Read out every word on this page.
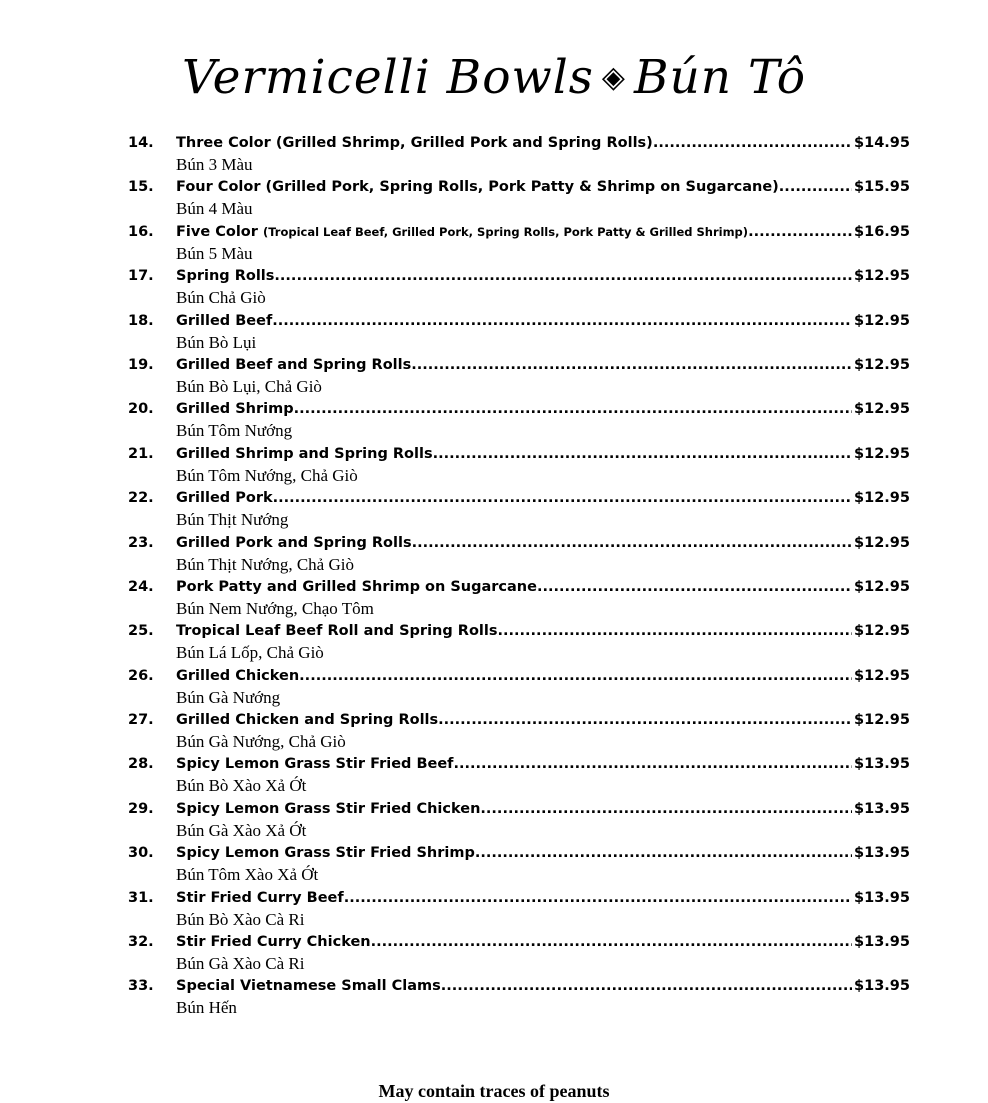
Vermicelli Bowls ◈ Bún Tô
14.	Three Color (Grilled Shrimp, Grilled Pork and Spring Rolls) .....	$14.95
Bún 3 Màu
15.	Four Color (Grilled Pork, Spring Rolls, Pork Patty & Shrimp on Sugarcane) .....	$15.95
Bún 4 Màu
16.	Five Color (Tropical Leaf Beef, Grilled Pork, Spring Rolls, Pork Patty & Grilled Shrimp) .....	$16.95
Bún 5 Màu
17.	Spring Rolls .....	$12.95
Bún Chả Giò
18.	Grilled Beef .....	$12.95
Bún Bò Lụi
19.	Grilled Beef and Spring Rolls .....	$12.95
Bún Bò Lụi, Chả Giò
20.	Grilled Shrimp .....	$12.95
Bún Tôm Nướng
21.	Grilled Shrimp and Spring Rolls .....	$12.95
Bún Tôm Nướng, Chả Giò
22.	Grilled Pork .....	$12.95
Bún Thịt Nướng
23.	Grilled Pork and Spring Rolls .....	$12.95
Bún Thịt Nướng, Chả Giò
24.	Pork Patty and Grilled Shrimp on Sugarcane .....	$12.95
Bún Nem Nướng, Chạo Tôm
25.	Tropical Leaf Beef Roll and Spring Rolls .....	$12.95
Bún Lá Lốp, Chả Giò
26.	Grilled Chicken .....	$12.95
Bún Gà Nướng
27.	Grilled Chicken and Spring Rolls .....	$12.95
Bún Gà Nướng, Chả Giò
28.	Spicy Lemon Grass Stir Fried Beef .....	$13.95
Bún Bò Xào Xả Ớt
29.	Spicy Lemon Grass Stir Fried Chicken .....	$13.95
Bún Gà Xào Xả Ớt
30.	Spicy Lemon Grass Stir Fried Shrimp .....	$13.95
Bún Tôm Xào Xả Ớt
31.	Stir Fried Curry Beef .....	$13.95
Bún Bò Xào Cà Ri
32.	Stir Fried Curry Chicken .....	$13.95
Bún Gà Xào Cà Ri
33.	Special Vietnamese Small Clams .....	$13.95
Bún Hến
May contain traces of peanuts
